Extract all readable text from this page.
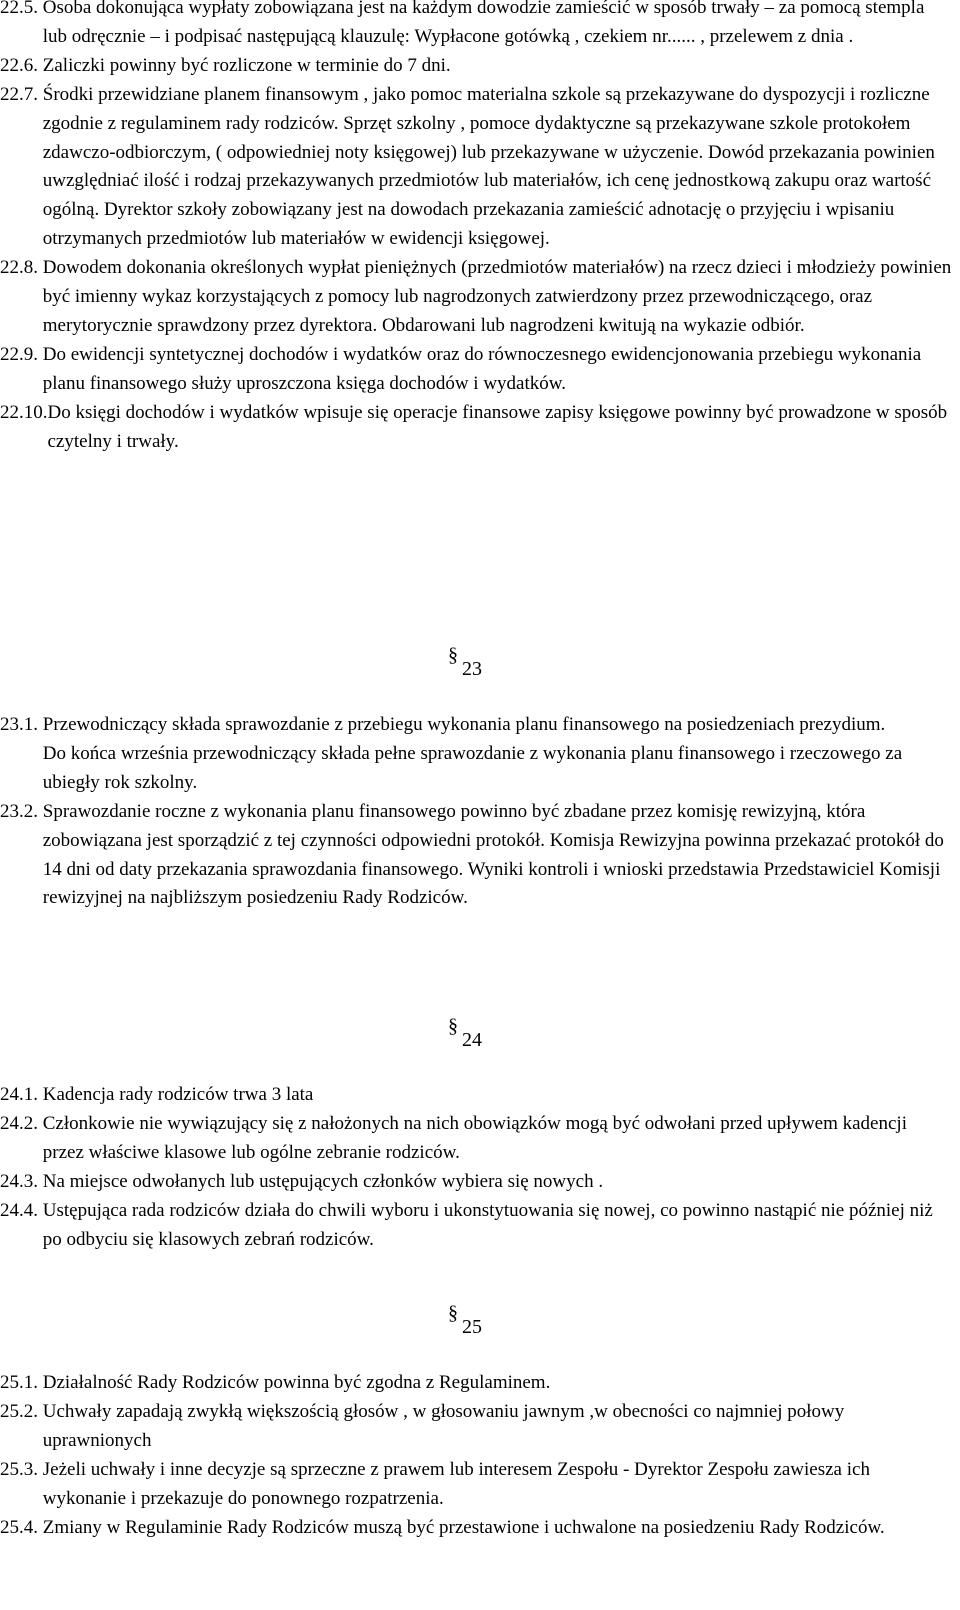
22.5. Osoba dokonująca wypłaty zobowiązana jest na każdym dowodzie zamieścić w sposób trwały – za pomocą stempla lub odręcznie – i podpisać następującą klauzulę: Wypłacone gotówką , czekiem nr...... , przelewem z dnia .
22.6. Zaliczki powinny być rozliczone w terminie do 7 dni.
22.7. Środki przewidziane planem finansowym , jako pomoc materialna szkole są przekazywane do dyspozycji i rozliczne zgodnie z regulaminem rady rodziców. Sprzęt szkolny , pomoce dydaktyczne są przekazywane szkole protokołem zdawczo-odbiorczym, ( odpowiedniej noty księgowej) lub przekazywane w użyczenie. Dowód przekazania powinien uwzględniać ilość i rodzaj przekazywanych przedmiotów lub materiałów, ich cenę jednostkową zakupu oraz wartość ogólną. Dyrektor szkoły zobowiązany jest na dowodach przekazania zamieścić adnotację o przyjęciu i wpisaniu otrzymanych przedmiotów lub materiałów w ewidencji księgowej.
22.8. Dowodem dokonania określonych wypłat pieniężnych (przedmiotów materiałów) na rzecz dzieci i młodzieży powinien być imienny wykaz korzystających z pomocy lub nagrodzonych zatwierdzony przez przewodniczącego, oraz merytorycznie sprawdzony przez dyrektora. Obdarowani lub nagrodzeni kwitują na wykazie odbiór.
22.9. Do ewidencji syntetycznej dochodów i wydatków oraz do równoczesnego ewidencjonowania przebiegu wykonania planu finansowego służy uproszczona księga dochodów i wydatków.
22.10. Do księgi dochodów i wydatków wpisuje się operacje finansowe zapisy księgowe powinny być prowadzone w sposób czytelny i trwały.
§23
23.1. Przewodniczący składa sprawozdanie z przebiegu wykonania planu finansowego na posiedzeniach prezydium.
Do końca września przewodniczący składa pełne sprawozdanie z wykonania planu finansowego i rzeczowego za ubiegły rok szkolny.
23.2. Sprawozdanie roczne z wykonania planu finansowego powinno być zbadane przez komisję rewizyjną, która zobowiązana jest sporządzić z tej czynności odpowiedni protokół. Komisja Rewizyjna powinna przekazać protokół do 14 dni od daty przekazania sprawozdania finansowego. Wyniki kontroli i wnioski przedstawia Przedstawiciel Komisji rewizyjnej na najbliższym posiedzeniu Rady Rodziców.
§24
24.1. Kadencja rady rodziców trwa 3 lata
24.2. Członkowie nie wywiązujący się z nałożonych na nich obowiązków mogą być odwołani przed upływem kadencji przez właściwe klasowe lub ogólne zebranie rodziców.
24.3. Na miejsce odwołanych lub ustępujących członków wybiera się nowych .
24.4. Ustępująca rada rodziców działa do chwili wyboru i ukonstytuowania się nowej, co powinno nastąpić nie później niż po odbyciu się klasowych zebrań rodziców.
§25
25.1. Działalność Rady Rodziców powinna być zgodna z Regulaminem.
25.2. Uchwały zapadają zwykłą większością głosów , w głosowaniu jawnym ,w obecności co najmniej połowy uprawnionych
25.3. Jeżeli uchwały i inne decyzje są sprzeczne z prawem lub interesem Zespołu - Dyrektor Zespołu zawiesza ich wykonanie i przekazuje do ponownego rozpatrzenia.
25.4. Zmiany w Regulaminie Rady Rodziców muszą być przestawione i uchwalone na posiedzeniu Rady Rodziców.
